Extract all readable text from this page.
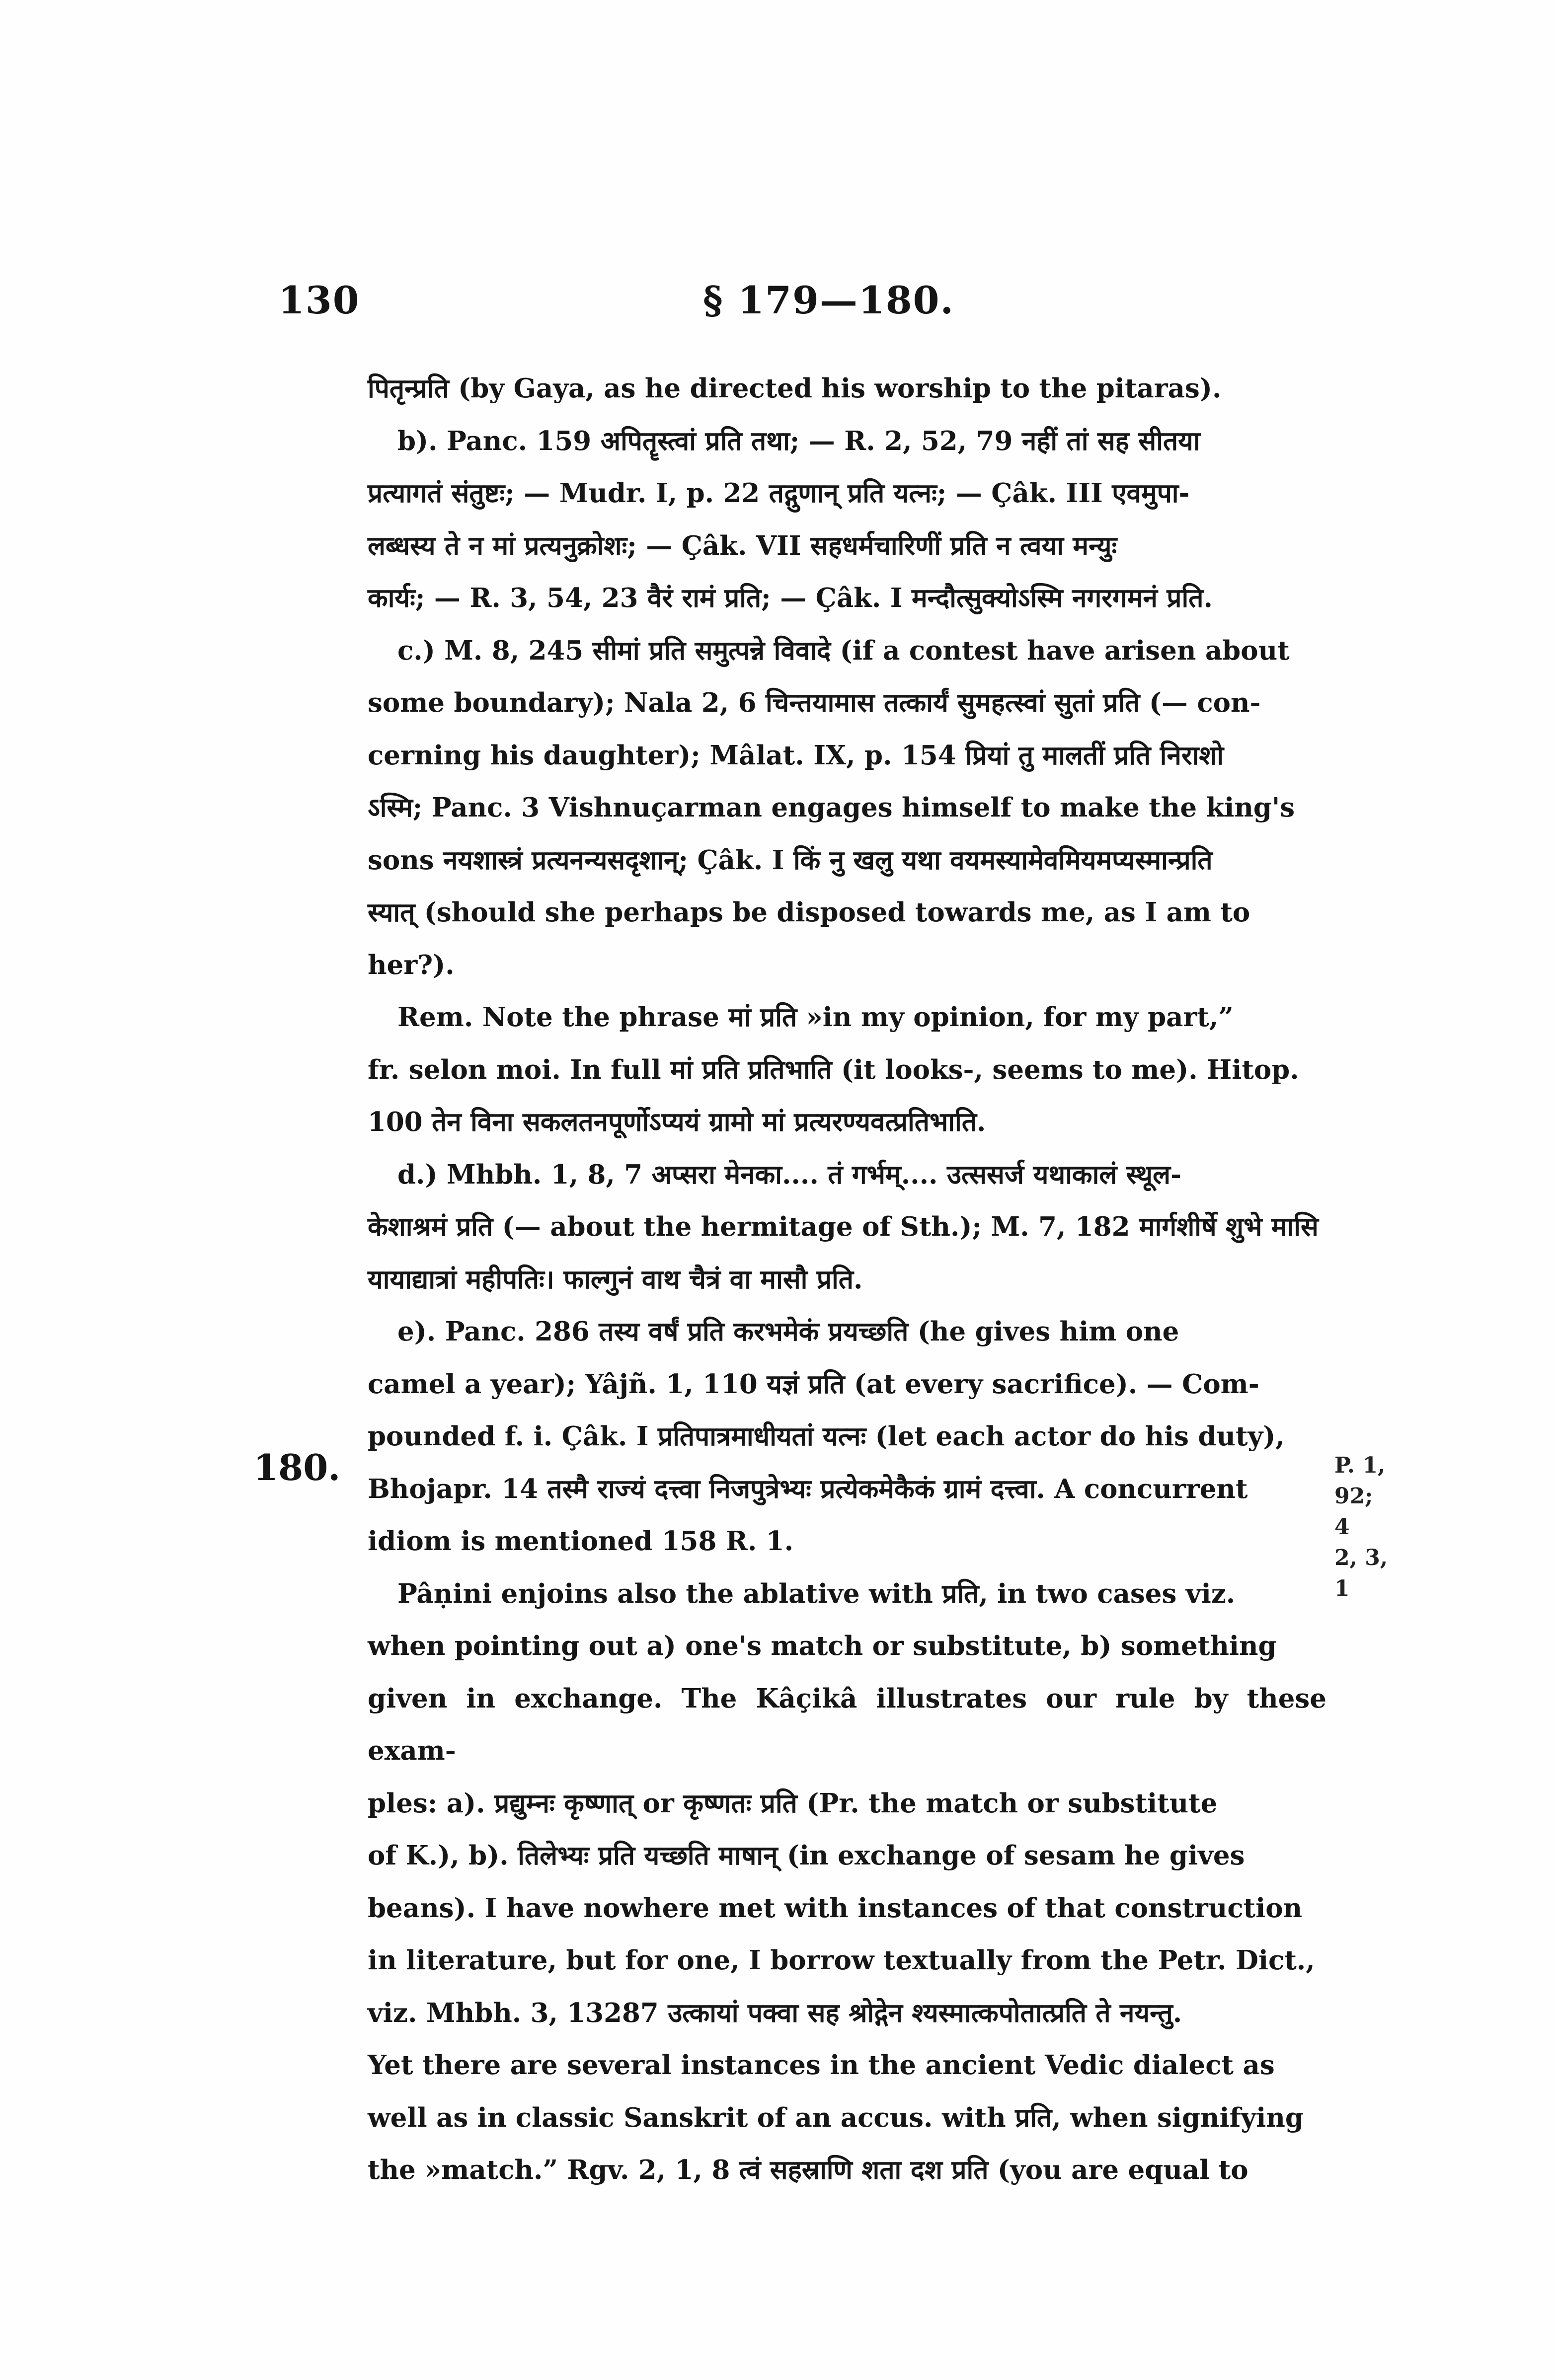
130	§ 179—180.

पितृन्प्रति (by Gaya, as he directed his worship to the pitaras).

b). Panc. 159 अपितॄस्त्वां प्रति तथा; — R. 2, 52, 79 नहीं तां सह सीतया

प्रत्यागतं संतुष्टः; — Mudr. I, p. 22 तद्गुणान् प्रति यत्नः; — Çâk. III एवमुपा-

लब्धस्य ते न मां प्रत्यनुक्रोशः; — Çâk. VII सहधर्मचारिणीं प्रति न त्वया मन्युः

कार्यः; — R. 3, 54, 23 वैरं रामं प्रति; — Çâk. I मन्दौत्सुक्योऽस्मि नगरगमनं प्रति.

c.) M. 8, 245 सीमां प्रति समुत्पन्ने विवादे (if a contest have arisen about

some boundary); Nala 2, 6 चिन्तयामास तत्कार्यं सुमहत्स्वां सुतां प्रति (— con-

cerning his daughter); Mâlat. IX, p. 154 प्रियां तु मालतीं प्रति निराशो

ऽस्मि; Panc. 3 Vishnuçarman engages himself to make the king's

sons नयशास्त्रं प्रत्यनन्यसदृशान्; Çâk. I किं नु खलु यथा वयमस्यामेवमियमप्यस्मान्प्रति

स्यात् (should she perhaps be disposed towards me, as I am to

her?).

Rem. Note the phrase मां प्रति »in my opinion, for my part,”

fr. selon moi. In full मां प्रति प्रतिभाति (it looks-, seems to me). Hitop.

100 तेन विना सकलतनपूर्णोऽप्ययं ग्रामो मां प्रत्यरण्यवत्प्रतिभाति.

d.) Mhbh. 1, 8, 7 अप्सरा मेनका.... तं गर्भम्.... उत्ससर्ज यथाकालं स्थूल-

केशाश्रमं प्रति (— about the hermitage of Sth.); M. 7, 182 मार्गशीर्षे शुभे मासि

यायाद्यात्रां महीपतिः। फाल्गुनं वाथ चैत्रं वा मासौ प्रति.

e). Panc. 286 तस्य वर्षं प्रति करभमेकं प्रयच्छति (he gives him one

camel a year); Yâjñ. 1, 110 यज्ञं प्रति (at every sacrifice). — Com-

pounded f. i. Çâk. I प्रतिपात्रमाधीयतां यत्नः (let each actor do his duty),

Bhojapr. 14 तस्मै राज्यं दत्त्वा निजपुत्रेभ्यः प्रत्येकमेकैकं ग्रामं दत्त्वा. A concurrent

idiom is mentioned 158 R. 1.

Pâṇini enjoins also the ablative with प्रति, in two cases viz.

when pointing out a) one's match or substitute, b) something

given in exchange. The Kâçikâ illustrates our rule by these exam-

ples: a). प्रद्युम्नः कृष्णात् or कृष्णतः प्रति (Pr. the match or substitute

of K.), b). तिलेभ्यः प्रति यच्छति माषान् (in exchange of sesam he gives

beans). I have nowhere met with instances of that construction

in literature, but for one, I borrow textually from the Petr. Dict.,

viz. Mhbh. 3, 13287 उत्कायां पक्वा सह श्रोद्गेन श्यस्मात्कपोतात्प्रति ते नयन्तु.

Yet there are several instances in the ancient Vedic dialect as

well as in classic Sanskrit of an accus. with प्रति, when signifying

the »match.” Rgv. 2, 1, 8 त्वं सहस्राणि शता दश प्रति (you are equal to

180.	P. 1,
92; 4
2, 3, 1
